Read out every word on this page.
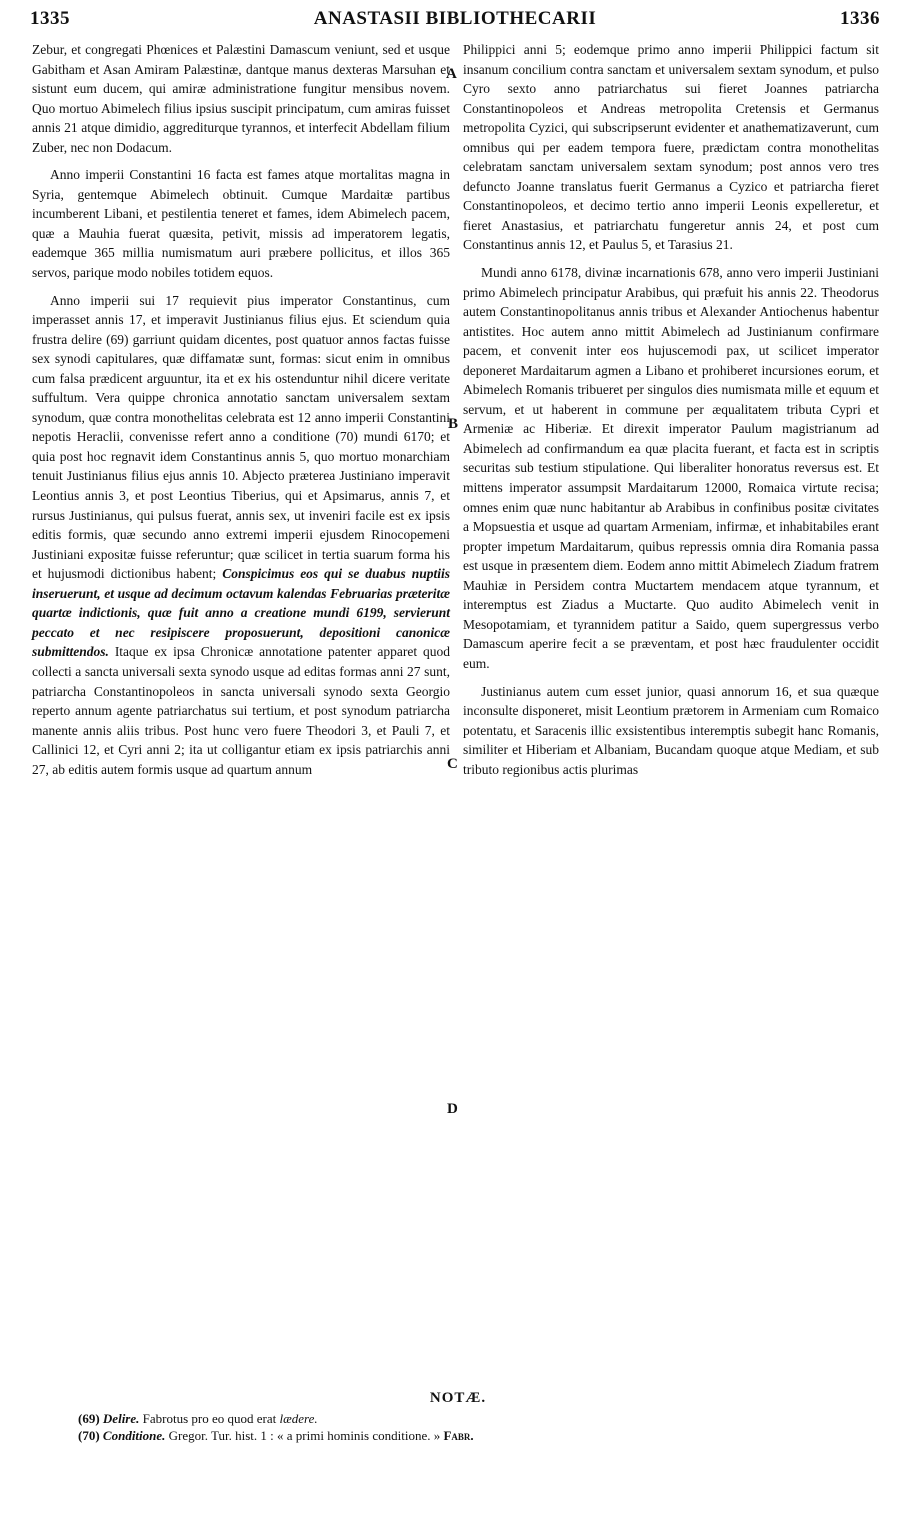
1335	ANASTASII BIBLIOTHECARII	1336
A
B
C
D

Zebur, et congregati Phœnices et Palæstini Damascum veniunt, sed et usque Gabitham et Asan Amiram Palæstinæ, dantque manus dexteras Marsuhan et sistunt eum ducem, qui amiræ administratione fungitur mensibus novem. Quo mortuo Abimelech filius ipsius suscipit principatum, cum amiras fuisset annis 21 atque dimidio, aggrediturque tyrannos, et interfecit Abdellam filium Zuber, nec non Dodacum.

Anno imperii Constantini 16 facta est fames atque mortalitas magna in Syria, gentemque Abimelech obtinuit. Cumque Mardaitæ partibus incumberent Libani, et pestilentia teneret et fames, idem Abimelech pacem, quæ a Mauhia fuerat quæsita, petivit, missis ad imperatorem legatis, eademque 365 millia numismatum auri præbere pollicitus, et illos 365 servos, parique modo nobiles totidem equos.

Anno imperii sui 17 requievit pius imperator Constantinus, cum imperasset annis 17, et imperavit Justinianus filius ejus. Et sciendum quia frustra delire (69) garriunt quidam dicentes, post quatuor annos factas fuisse sex synodi capitulares, quæ diffamatæ sunt, formas: sicut enim in omnibus cum falsa prædicent arguuntur, ita et ex his ostenduntur nihil dicere veritate suffultum. Vera quippe chronica annotatio sanctam universalem sextam synodum, quæ contra monothelitas celebrata est 12 anno imperii Constantini nepotis Heraclii, convenisse refert anno a conditione (70) mundi 6170; et quia post hoc regnavit idem Constantinus annis 5, quo mortuo monarchiam tenuit Justinianus filius ejus annis 10. Abjecto præterea Justiniano imperavit Leontius annis 3, et post Leontius Tiberius, qui et Apsimarus, annis 7, et rursus Justinianus, qui pulsus fuerat, annis sex, ut inveniri facile est ex ipsis editis formis, quæ secundo anno extremi imperii ejusdem Rinocopemeni Justiniani expositæ fuisse referuntur; quæ scilicet in tertia suarum forma his et hujusmodi dictionibus habent; Conspicimus eos qui se duabus nuptiis inseruerunt, et usque ad decimum octavum kalendas Februarias præteritæ quartæ indictionis, quæ fuit anno a creatione mundi 6199, servierunt peccato et nec resipiscere proposuerunt, depositioni canonicæ submittendos. Itaque ex ipsa Chronicæ annotatione patenter apparet quod collecti a sancta universali sexta synodo usque ad editas formas anni 27 sunt, patriarcha Constantinopoleos in sancta universali synodo sexta Georgio reperto annum agente patriarchatus sui tertium, et post synodum patriarcha manente annis aliis tribus. Post hunc vero fuere Theodori 3, et Pauli 7, et Callinici 12, et Cyri anni 2; ita ut colligantur etiam ex ipsis patriarchis anni 27, ab editis autem formis usque ad quartum annum

Philippici anni 5; eodemque primo anno imperii Philippici factum sit insanum concilium contra sanctam et universalem sextam synodum, et pulso Cyro sexto anno patriarchatus sui fieret Joannes patriarcha Constantinopoleos et Andreas metropolita Cretensis et Germanus metropolita Cyzici, qui subscripserunt evidenter et anathematizaverunt, cum omnibus qui per eadem tempora fuere, prædictam contra monothelitas celebratam sanctam universalem sextam synodum; post annos vero tres defuncto Joanne translatus fuerit Germanus a Cyzico et patriarcha fieret Constantinopoleos, et decimo tertio anno imperii Leonis expelleretur, et fieret Anastasius, et patriarchatu fungeretur annis 24, et post cum Constantinus annis 12, et Paulus 5, et Tarasius 21.

Mundi anno 6178, divinæ incarnationis 678, anno vero imperii Justiniani primo Abimelech principatur Arabibus, qui præfuit his annis 22. Theodorus autem Constantinopolitanus annis tribus et Alexander Antiochenus habentur antistites. Hoc autem anno mittit Abimelech ad Justinianum confirmare pacem, et convenit inter eos hujuscemodi pax, ut scilicet imperator deponeret Mardaitarum agmen a Libano et prohiberet incursiones eorum, et Abimelech Romanis tribueret per singulos dies numismata mille et equum et servum, et ut haberent in commune per æqualitatem tributa Cypri et Armeniæ ac Hiberiæ. Et direxit imperator Paulum magistrianum ad Abimelech ad confirmandum ea quæ placita fuerant, et facta est in scriptis securitas sub testium stipulatione. Qui liberaliter honoratus reversus est. Et mittens imperator assumpsit Mardaitarum 12000, Romaica virtute recisa; omnes enim quæ nunc habitantur ab Arabibus in confinibus positæ civitates a Mopsuestia et usque ad quartam Armeniam, infirmæ, et inhabitabiles erant propter impetum Mardaitarum, quibus repressis omnia dira Romania passa est usque in præsentem diem. Eodem anno mittit Abimelech Ziadum fratrem Mauhiæ in Persidem contra Muctartem mendacem atque tyrannum, et interemptus est Ziadus a Muctarte. Quo audito Abimelech venit in Mesopotamiam, et tyrannidem patitur a Saido, quem supergressus verbo Damascum aperire fecit a se præventam, et post hæc fraudulenter occidit eum.

Justinianus autem cum esset junior, quasi annorum 16, et sua quæque inconsulte disponeret, misit Leontium prætorem in Armeniam cum Romaico potentatu, et Saracenis illic exsistentibus interemptis subegit hanc Romanis, similiter et Hiberiam et Albaniam, Bucandam quoque atque Mediam, et sub tributo regionibus actis plurimas

NOTÆ.
(69) Delire. Fabrotus pro eo quod erat lædere.
(70) Conditione. Gregor. Tur. hist. 1 : « a primi hominis conditione. » Fabr.
